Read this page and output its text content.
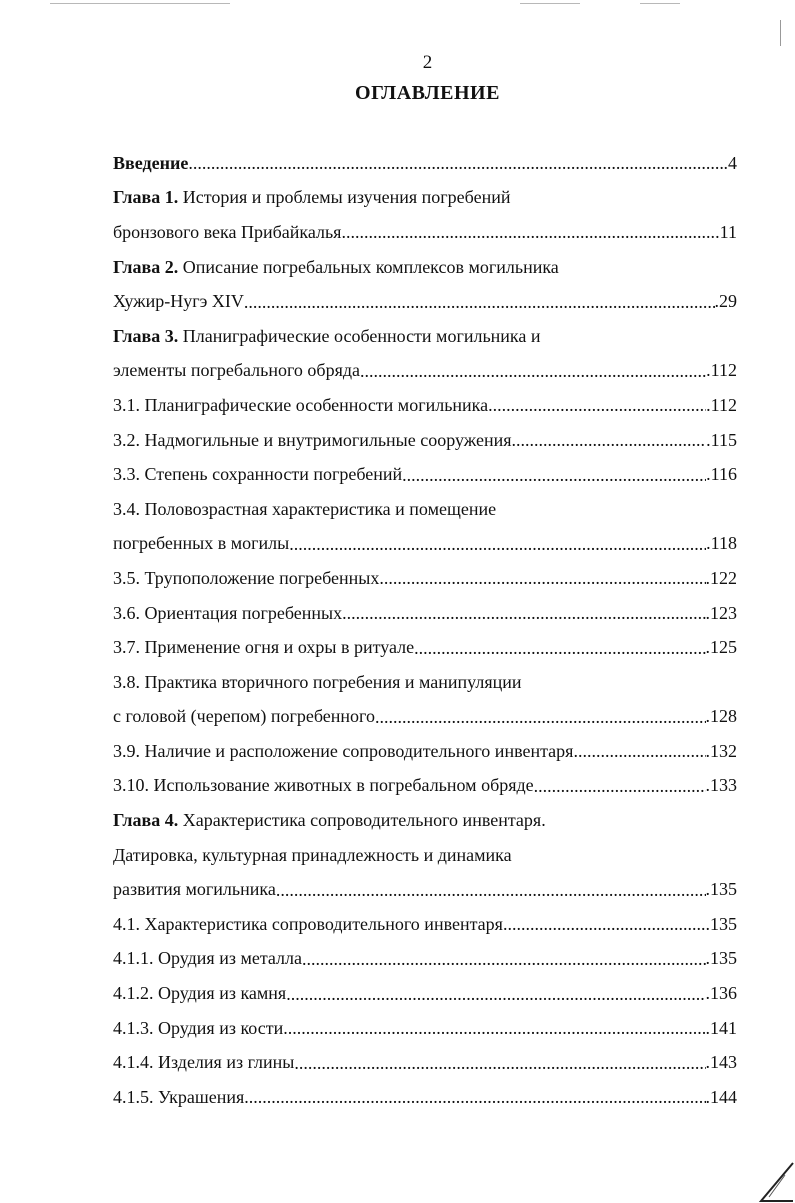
2
ОГЛАВЛЕНИЕ
Введение .....	.4
Глава 1. История и проблемы изучения погребений
бронзового века Прибайкалья .....	.11
Глава 2. Описание погребальных комплексов могильника
Хужир-Нугэ XIV .....	.29
Глава 3. Планиграфические особенности могильника и
элементы погребального обряда .....	.112
3.1. Планиграфические особенности могильника .....	.112
3.2. Надмогильные и внутримогильные сооружения .....	.115
3.3. Степень сохранности погребений .....	.116
3.4. Половозрастная характеристика и помещение
погребенных в могилы .....	.118
3.5. Трупоположение погребенных .....	.122
3.6. Ориентация погребенных .....	.123
3.7. Применение огня и охры в ритуале .....	.125
3.8. Практика вторичного погребения и манипуляции
с головой (черепом) погребенного .....	.128
3.9. Наличие и расположение сопроводительного инвентаря .....	.132
3.10. Использование животных в погребальном обряде .....	.133
Глава 4. Характеристика сопроводительного инвентаря.
Датировка, культурная принадлежность и динамика
развития могильника .....	.135
4.1. Характеристика сопроводительного инвентаря .....	.135
4.1.1. Орудия из металла .....	.135
4.1.2. Орудия из камня .....	.136
4.1.3. Орудия из кости .....	.141
4.1.4. Изделия из глины .....	.143
4.1.5. Украшения .....	.144
